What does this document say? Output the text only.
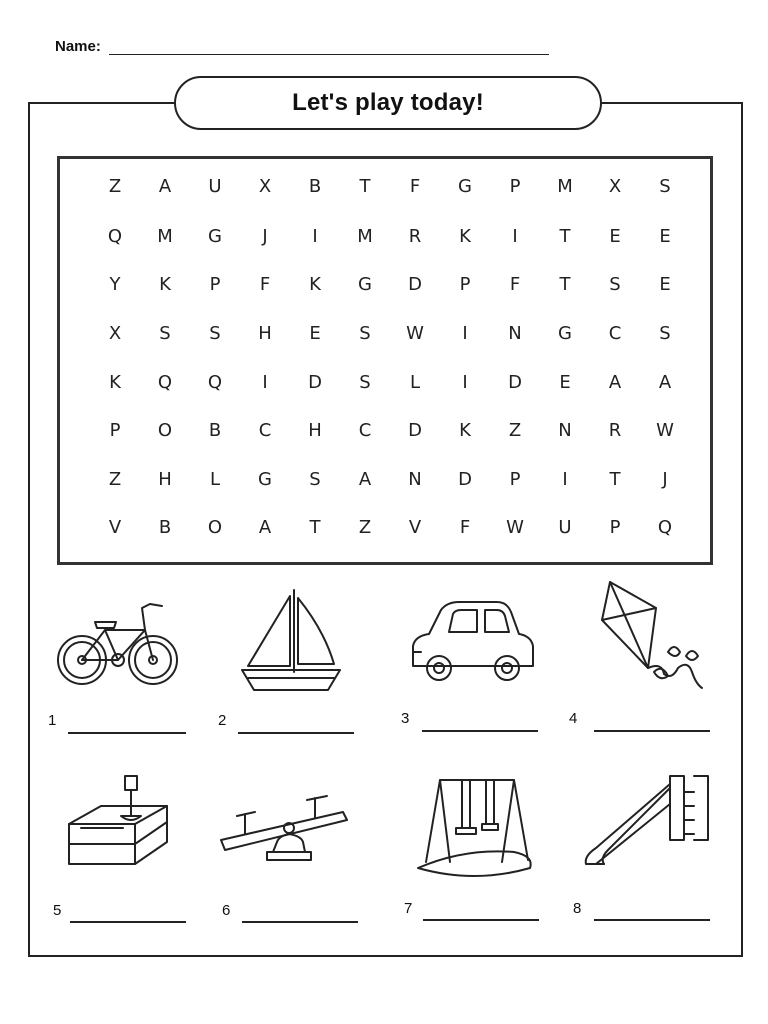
Name:
Let's play today!
Z	A	U	X	B	T	F	G	P	M	X	S
Q	M	G	J	I	M	R	K	I	T	E	E
Y	K	P	F	K	G	D	P	F	T	S	E
X	S	S	H	E	S	W	I	N	G	C	S
K	Q	Q	I	D	S	L	I	D	E	A	A
P	O	B	C	H	C	D	K	Z	N	R	W
Z	H	L	G	S	A	N	D	P	I	T	J
V	B	O	A	T	Z	V	F	W	U	P	Q
1	2	3	4
5	6	7	8
